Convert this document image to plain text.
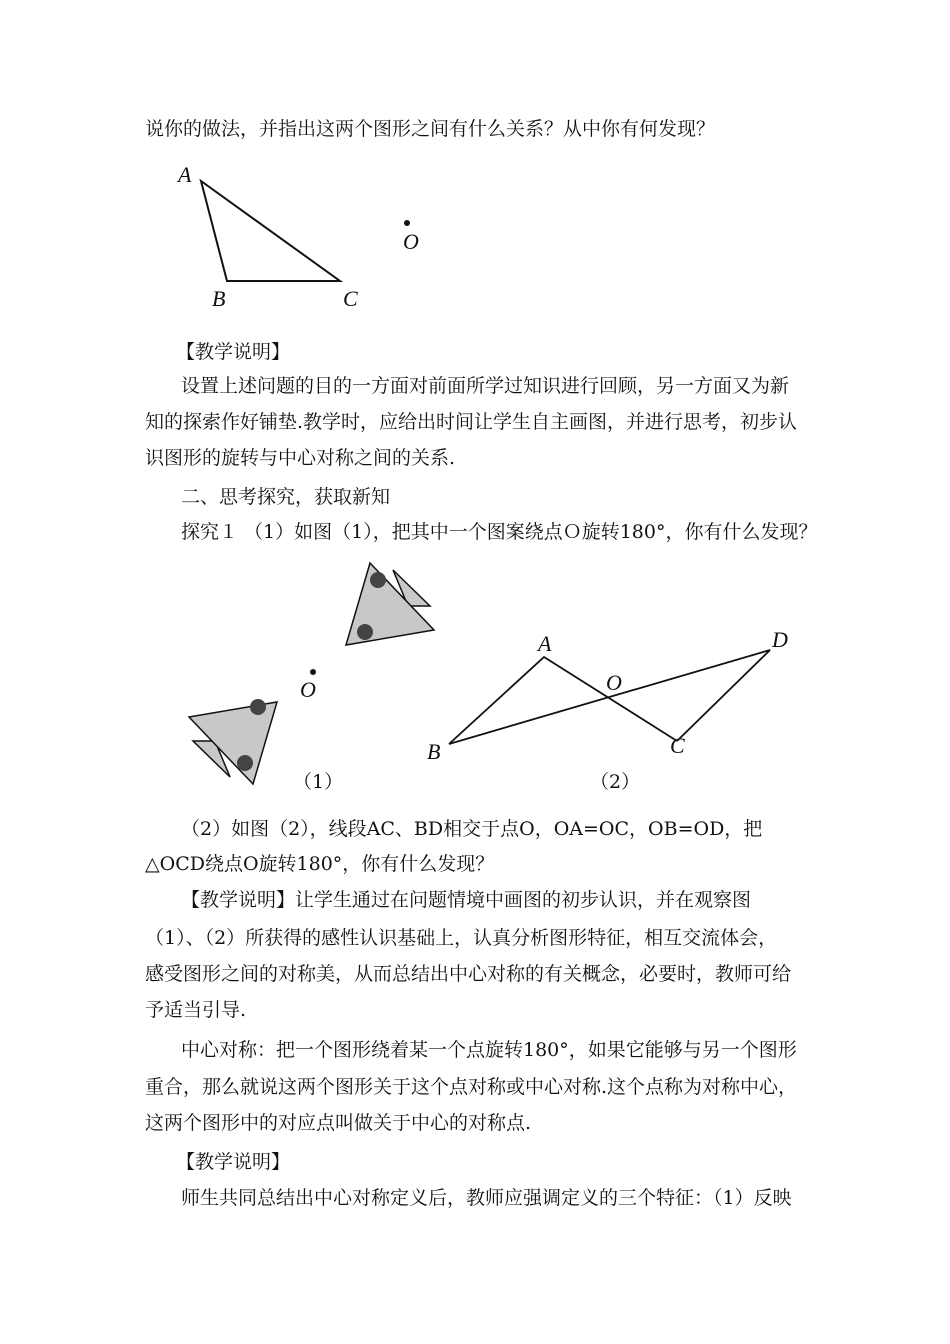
说你的做法，并指出这两个图形之间有什么关系？从中你有何发现？
A
B	C
O
【教学说明】
设置上述问题的目的一方面对前面所学过知识进行回顾，另一方面又为新
知的探索作好铺垫.教学时，应给出时间让学生自主画图，并进行思考，初步认
识图形的旋转与中心对称之间的关系.
二、思考探究，获取新知
探究１ （1）如图（1），把其中一个图案绕点Ｏ旋转180°，你有什么发现？
O
（1）
A
B	C
D
O
（2）
（2）如图（2），线段AC、BD相交于点O，OA=OC，OB=OD，把
△OCD绕点O旋转180°，你有什么发现？
【教学说明】让学生通过在问题情境中画图的初步认识，并在观察图
（1）、（2）所获得的感性认识基础上，认真分析图形特征，相互交流体会，
感受图形之间的对称美，从而总结出中心对称的有关概念，必要时，教师可给
予适当引导.
中心对称：把一个图形绕着某一个点旋转180°，如果它能够与另一个图形
重合，那么就说这两个图形关于这个点对称或中心对称.这个点称为对称中心，
这两个图形中的对应点叫做关于中心的对称点.
【教学说明】
师生共同总结出中心对称定义后，教师应强调定义的三个特征：（1）反映
